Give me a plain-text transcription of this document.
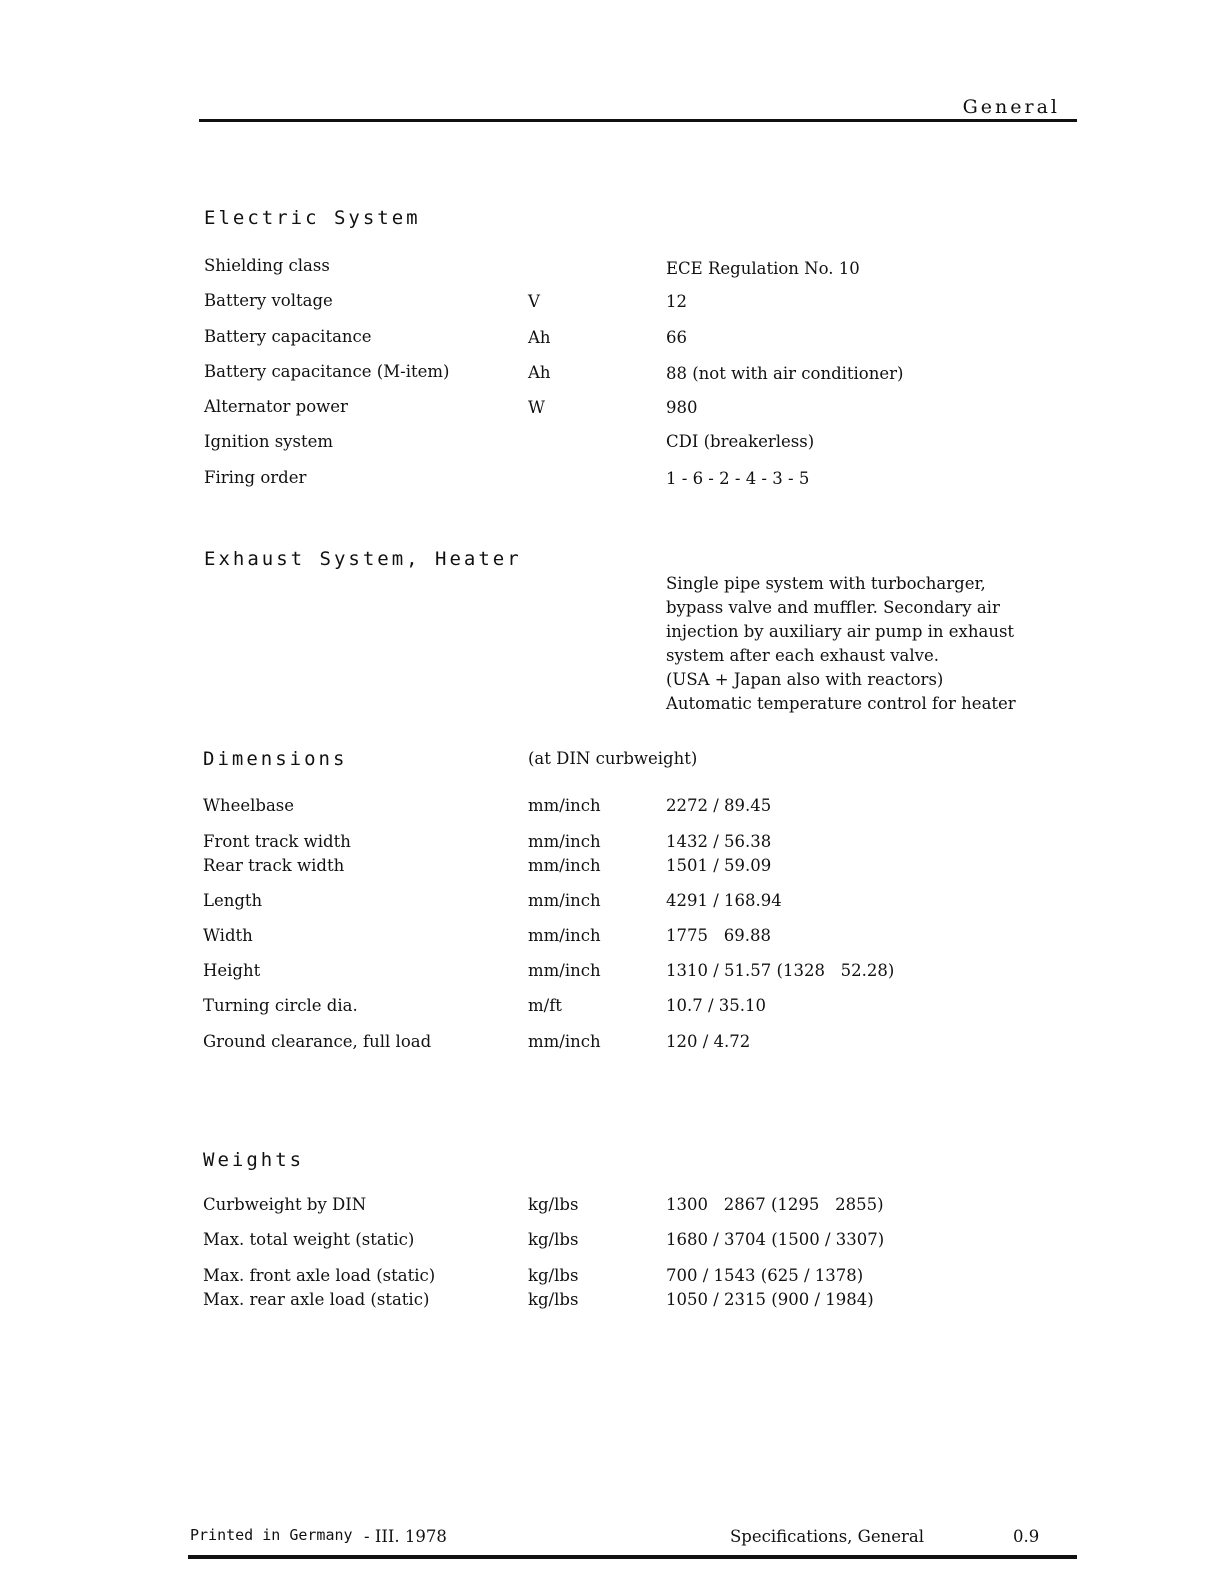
General
Electric System
Shielding class	ECE Regulation No. 10
Battery voltage	V	12
Battery capacitance	Ah	66
Battery capacitance (M-item)	Ah	88 (not with air conditioner)
Alternator power	W	980
Ignition system	CDI (breakerless)
Firing order	1 - 6 - 2 - 4 - 3 - 5
Exhaust System, Heater
Single pipe system with turbocharger,
bypass valve and muffler. Secondary air
injection by auxiliary air pump in exhaust
system after each exhaust valve.
(USA + Japan also with reactors)
Automatic temperature control for heater
Dimensions	(at DIN curbweight)
Wheelbase	mm/inch	2272 / 89.45
Front track width	mm/inch	1432 / 56.38
Rear track width	mm/inch	1501 / 59.09
Length	mm/inch	4291 / 168.94
Width	mm/inch	1775   69.88
Height	mm/inch	1310 / 51.57 (1328   52.28)
Turning circle dia.	m/ft	10.7 / 35.10
Ground clearance, full load	mm/inch	120 / 4.72
Weights
Curbweight by DIN	kg/lbs	1300   2867 (1295   2855)
Max. total weight (static)	kg/lbs	1680 / 3704 (1500 / 3307)
Max. front axle load (static)	kg/lbs	700 / 1543 (625 / 1378)
Max. rear axle load (static)	kg/lbs	1050 / 2315 (900 / 1984)
Printed in Germany - III. 1978	Specifications, General	0.9
